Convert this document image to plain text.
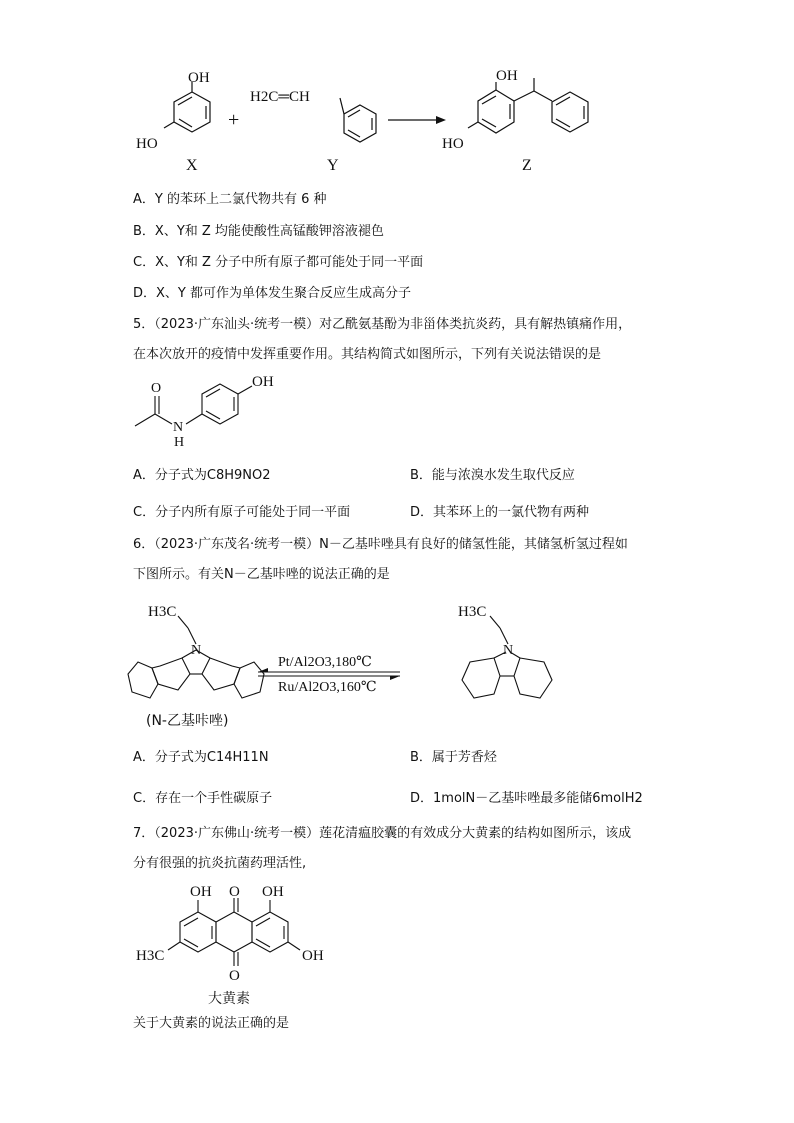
OH
HO
+
H2C═CH
OH
HO
X	Y	Z
A．Y 的苯环上二氯代物共有 6 种
B．X、Y和 Z 均能使酸性高锰酸钾溶液褪色
C．X、Y和 Z 分子中所有原子都可能处于同一平面
D．X、Y 都可作为单体发生聚合反应生成高分子
5．（2023·广东汕头·统考一模）对乙酰氨基酚为非甾体类抗炎药，具有解热镇痛作用，
在本次放开的疫情中发挥重要作用。其结构简式如图所示，下列有关说法错误的是
OH
O
N
H
A．分子式为C8H9NO2	B．能与浓溴水发生取代反应
C．分子内所有原子可能处于同一平面	D．其苯环上的一氯代物有两种
6．（2023·广东茂名·统考一模）N－乙基咔唑具有良好的储氢性能，其储氢析氢过程如
下图所示。有关N－乙基咔唑的说法正确的是
H3C
N
H3C
N
Pt/Al2O3,180℃
Ru/Al2O3,160℃
(N-乙基咔唑)
A．分子式为C14H11N	B．属于芳香烃
C．存在一个手性碳原子	D．1molN－乙基咔唑最多能储6molH2
7．（2023·广东佛山·统考一模）莲花清瘟胶囊的有效成分大黄素的结构如图所示，该成
分有很强的抗炎抗菌药理活性,
OH O OH
H3C	OH
O
大黄素
关于大黄素的说法正确的是
